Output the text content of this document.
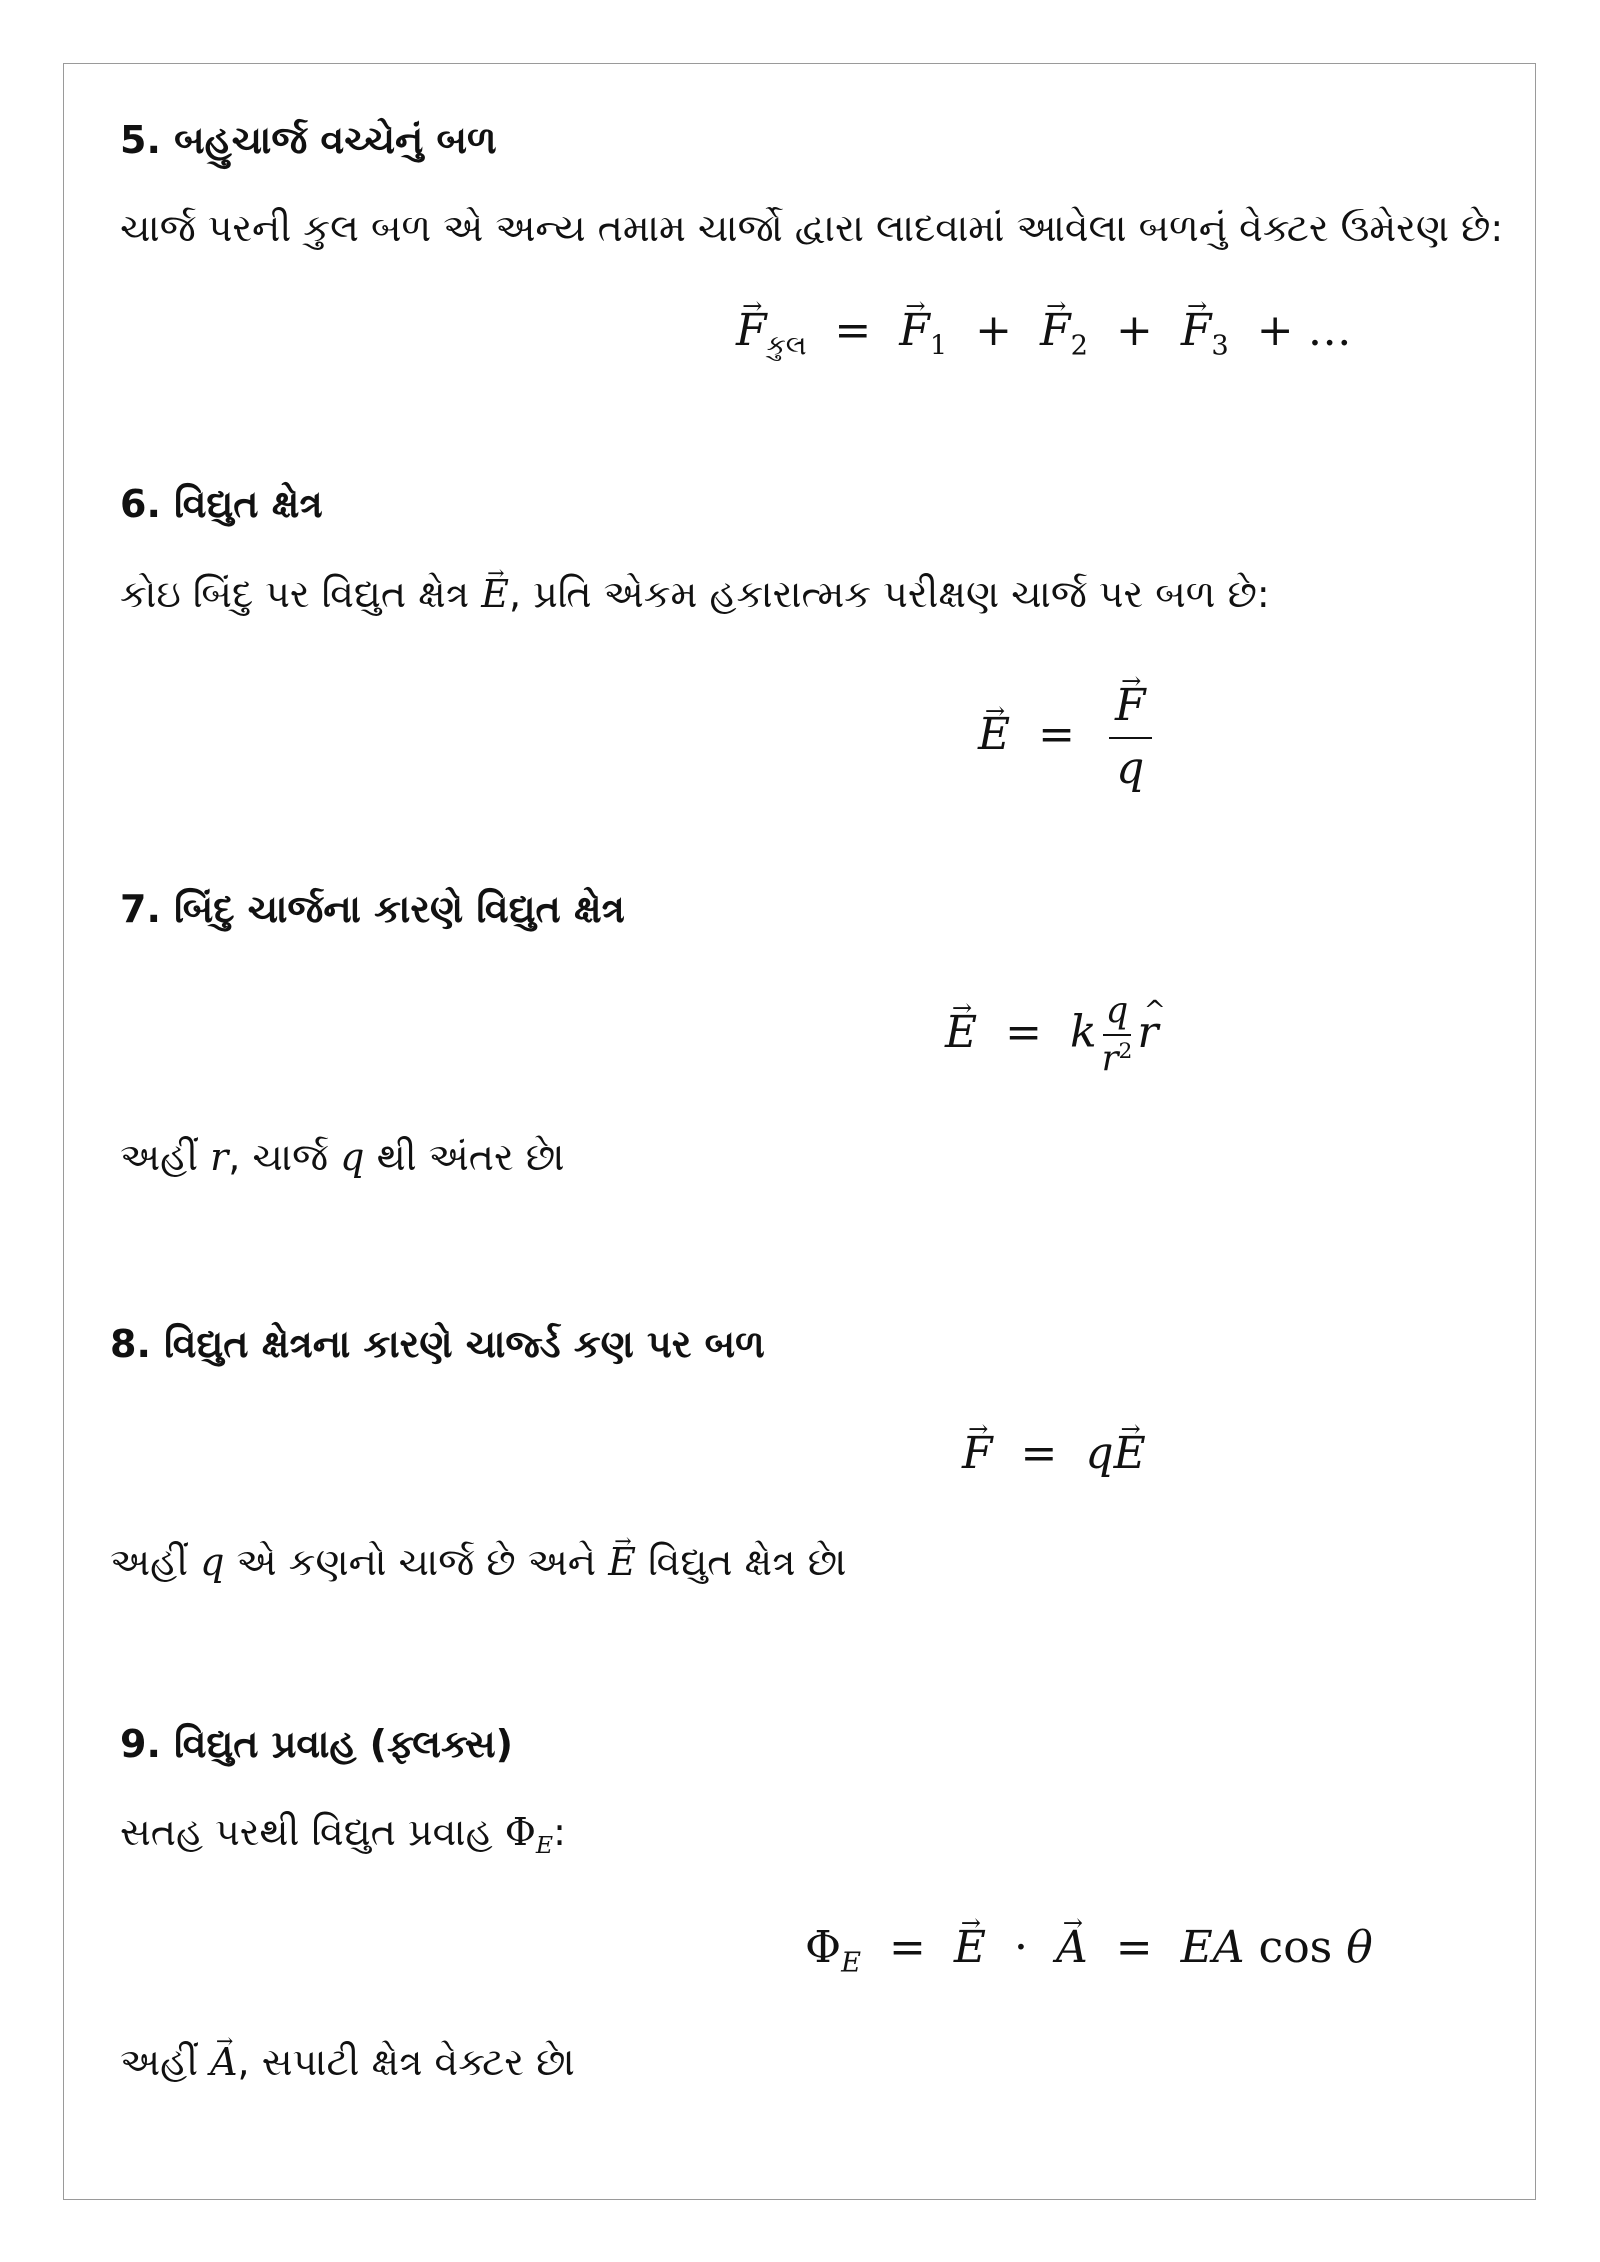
5. બહુચાર્જ વચ્ચેનું બળ
ચાર્જ પરની કુલ બળ એ અન્ય તમામ ચાર્જો દ્વારા લાદવામાં આવેલા બળનું વેક્ટર ઉમેરણ છે:
→ $F_{કુલ}$ = → $F_1$ + → $F_2$ + → $F_3$ + …
6. વિદ્યુત ક્ષેત્ર
કોઇ બિંદુ પર વિદ્યુત ક્ષેત્ર → E, પ્રતિ એકમ હકારાત્મક પરીક્ષણ ચાર્જ પર બળ છે:
→ E = → $\frac{F}{q}$
7. બિંદુ ચાર્જના કારણે વિદ્યુત ક્ષેત્ર
→ E = k $\frac{q}{r^2}$ ^ r
અહીં r, ચાર્જ q થી અંતર છે।
8. વિદ્યુત ક્ષેત્રના કારણે ચાર્જ્ડ કણ પર બળ
→ F = q→ E
અહીં q એ કણનો ચાર્જ છે અને → E વિદ્યુત ક્ષેત્ર છે।
9. વિદ્યુત પ્રવાહ (ફ્લક્સ)
સતહ પરથી વિદ્યુત પ્રવાહ $\Phi_E$:
$\Phi_E$ = → E · → A = EA cos θ
અહીં → A, સપાટી ક્ષેત્ર વેક્ટર છે।
